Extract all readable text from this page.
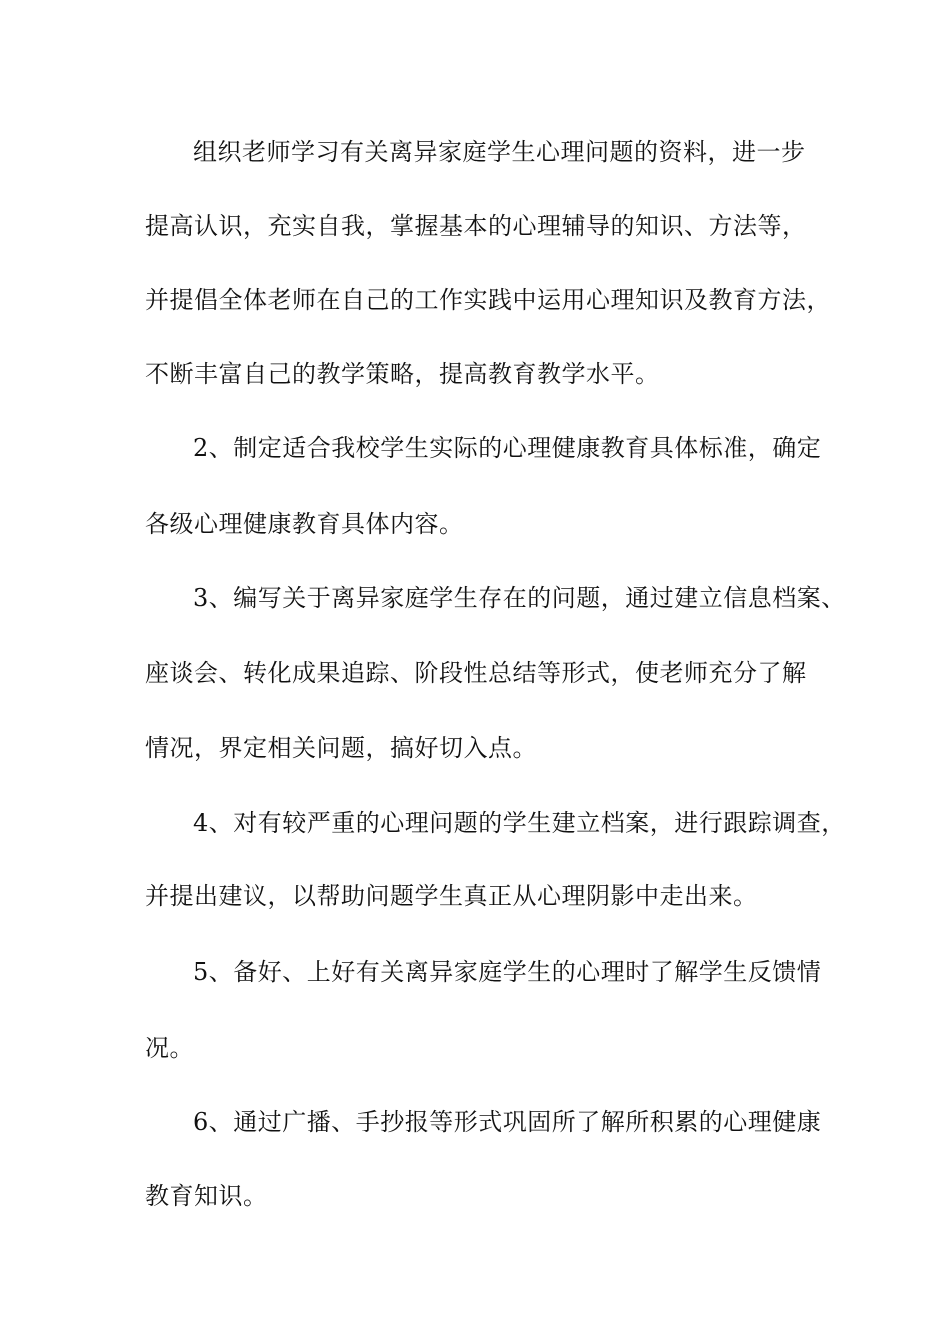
组织老师学习有关离异家庭学生心理问题的资料，进一步
提高认识，充实自我，掌握基本的心理辅导的知识、方法等，
并提倡全体老师在自己的工作实践中运用心理知识及教育方法，
不断丰富自己的教学策略，提高教育教学水平。
2、制定适合我校学生实际的心理健康教育具体标准，确定
各级心理健康教育具体内容。
3、编写关于离异家庭学生存在的问题，通过建立信息档案、
座谈会、转化成果追踪、阶段性总结等形式，使老师充分了解
情况，界定相关问题，搞好切入点。
4、对有较严重的心理问题的学生建立档案，进行跟踪调查，
并提出建议，以帮助问题学生真正从心理阴影中走出来。
5、备好、上好有关离异家庭学生的心理时了解学生反馈情
况。
6、通过广播、手抄报等形式巩固所了解所积累的心理健康
教育知识。
